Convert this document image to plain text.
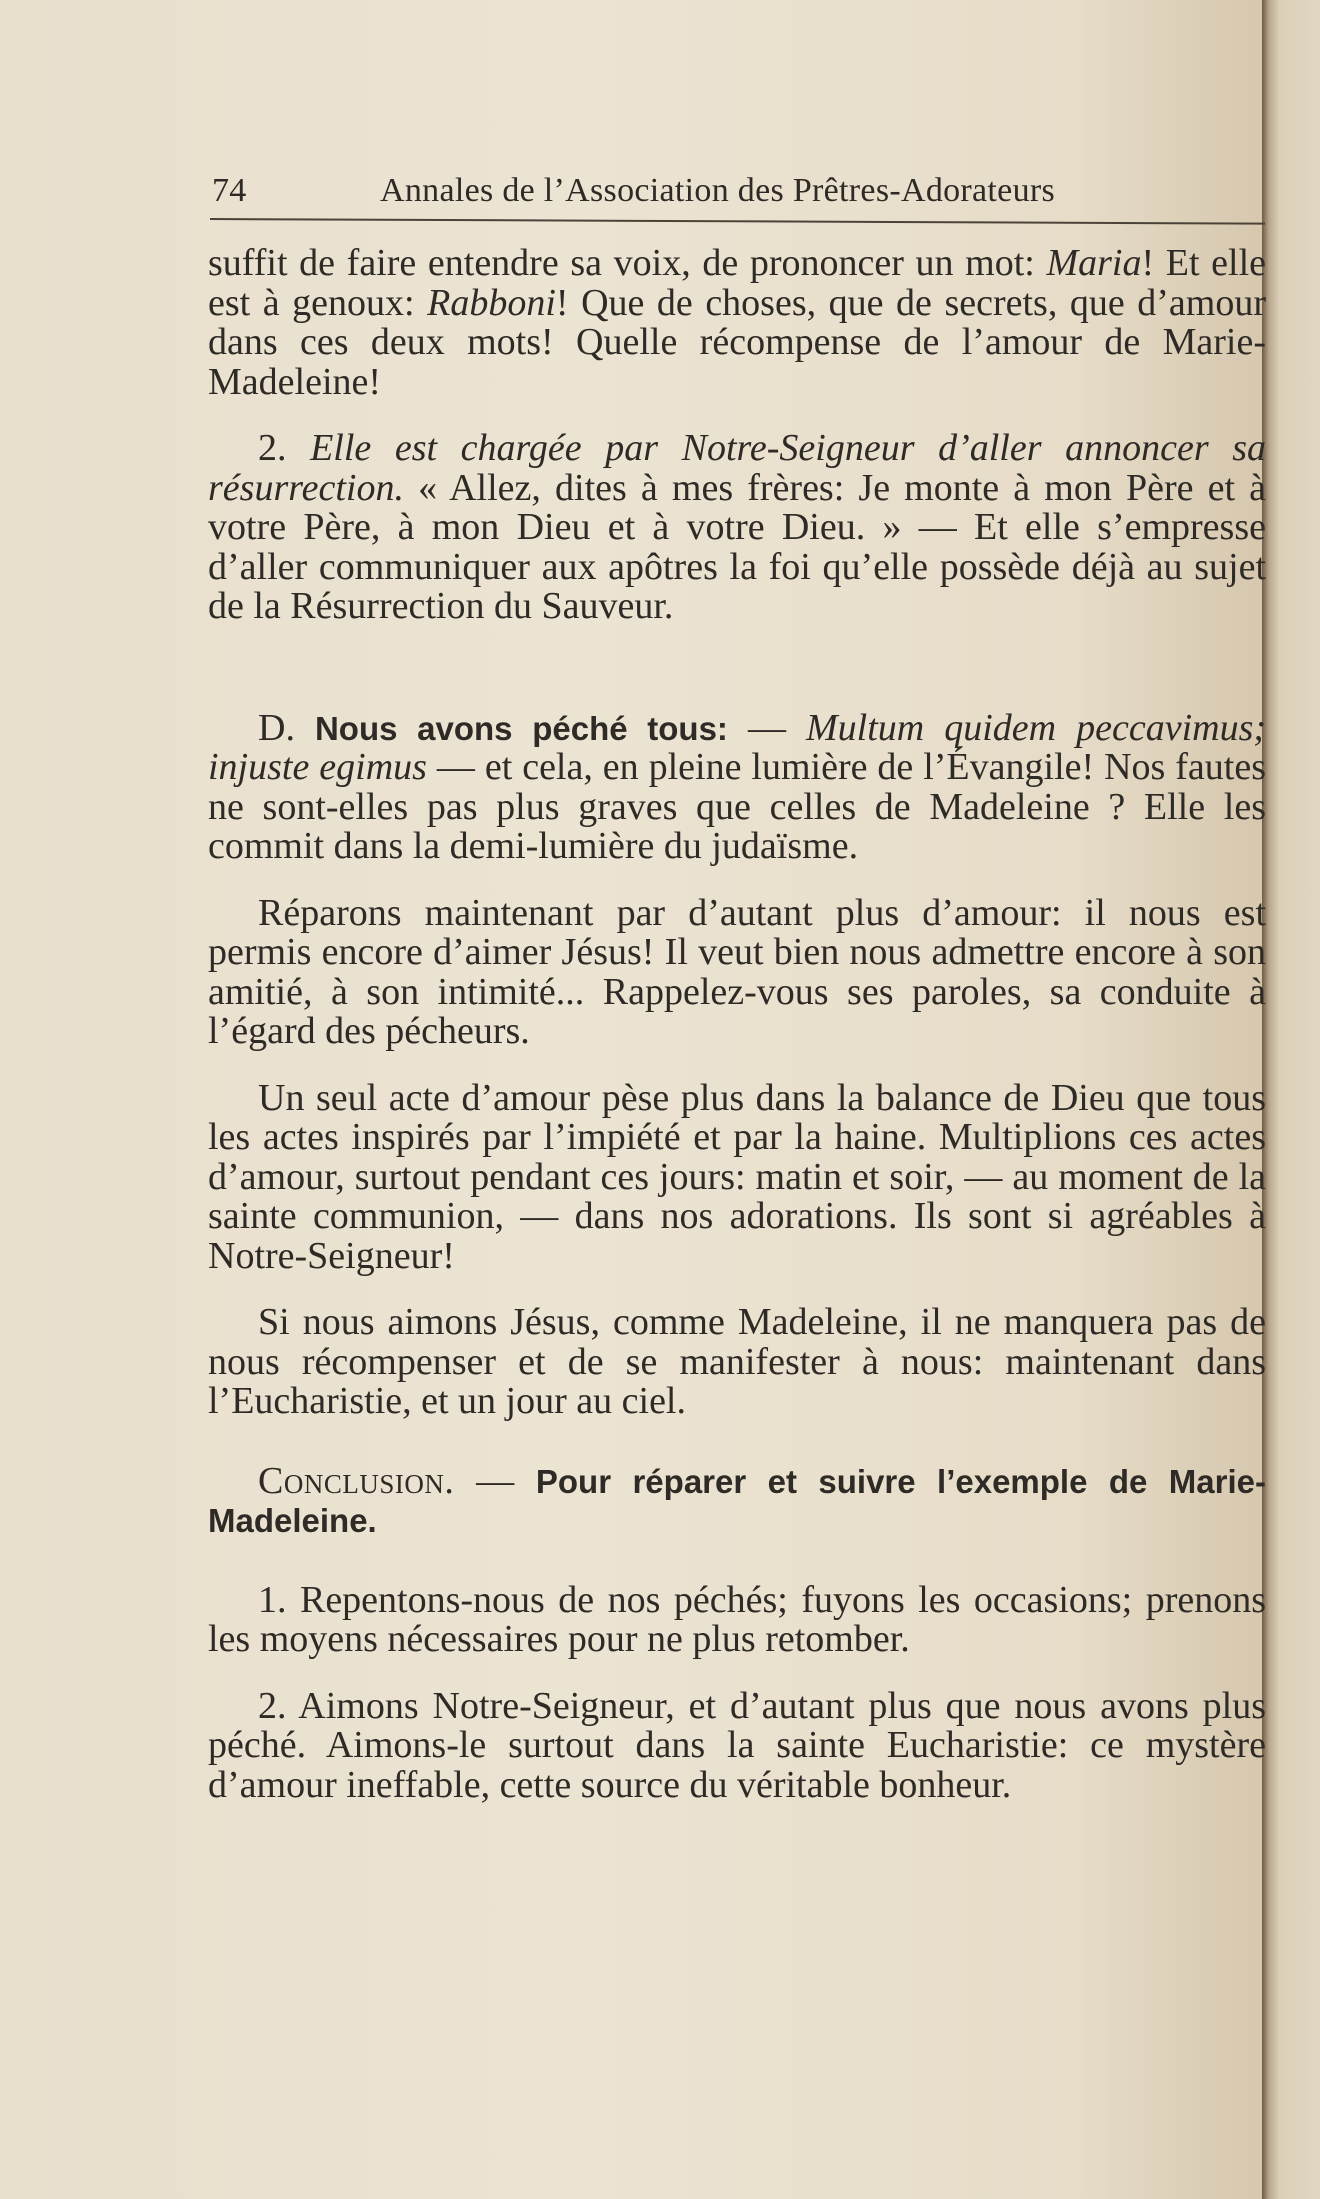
74	Annales de l’Association des Prêtres-Adorateurs

suffit de faire entendre sa voix, de prononcer un mot: Maria! Et elle est à genoux: Rabboni! Que de choses, que de secrets, que d’amour dans ces deux mots! Quelle récompense de l’amour de Marie-Madeleine!

2. Elle est chargée par Notre-Seigneur d’aller annoncer sa résurrection. « Allez, dites à mes frères: Je monte à mon Père et à votre Père, à mon Dieu et à votre Dieu. » — Et elle s’empresse d’aller communiquer aux apôtres la foi qu’elle possède déjà au sujet de la Résurrection du Sauveur.

D. Nous avons péché tous: — Multum quidem peccavimus; injuste egimus — et cela, en pleine lumière de l’Évangile! Nos fautes ne sont-elles pas plus graves que celles de Madeleine ? Elle les commit dans la demi-lumière du judaïsme.

Réparons maintenant par d’autant plus d’amour: il nous est permis encore d’aimer Jésus! Il veut bien nous admettre encore à son amitié, à son intimité... Rappelez-vous ses paroles, sa conduite à l’égard des pécheurs.

Un seul acte d’amour pèse plus dans la balance de Dieu que tous les actes inspirés par l’impiété et par la haine. Multiplions ces actes d’amour, surtout pendant ces jours: matin et soir, — au moment de la sainte communion, — dans nos adorations. Ils sont si agréables à Notre-Seigneur!

Si nous aimons Jésus, comme Madeleine, il ne manquera pas de nous récompenser et de se manifester à nous: maintenant dans l’Eucharistie, et un jour au ciel.

Conclusion. — Pour réparer et suivre l’exemple de Marie-Madeleine.

1. Repentons-nous de nos péchés; fuyons les occasions; prenons les moyens nécessaires pour ne plus retomber.

2. Aimons Notre-Seigneur, et d’autant plus que nous avons plus péché. Aimons-le surtout dans la sainte Eucharistie: ce mystère d’amour ineffable, cette source du véritable bonheur.
